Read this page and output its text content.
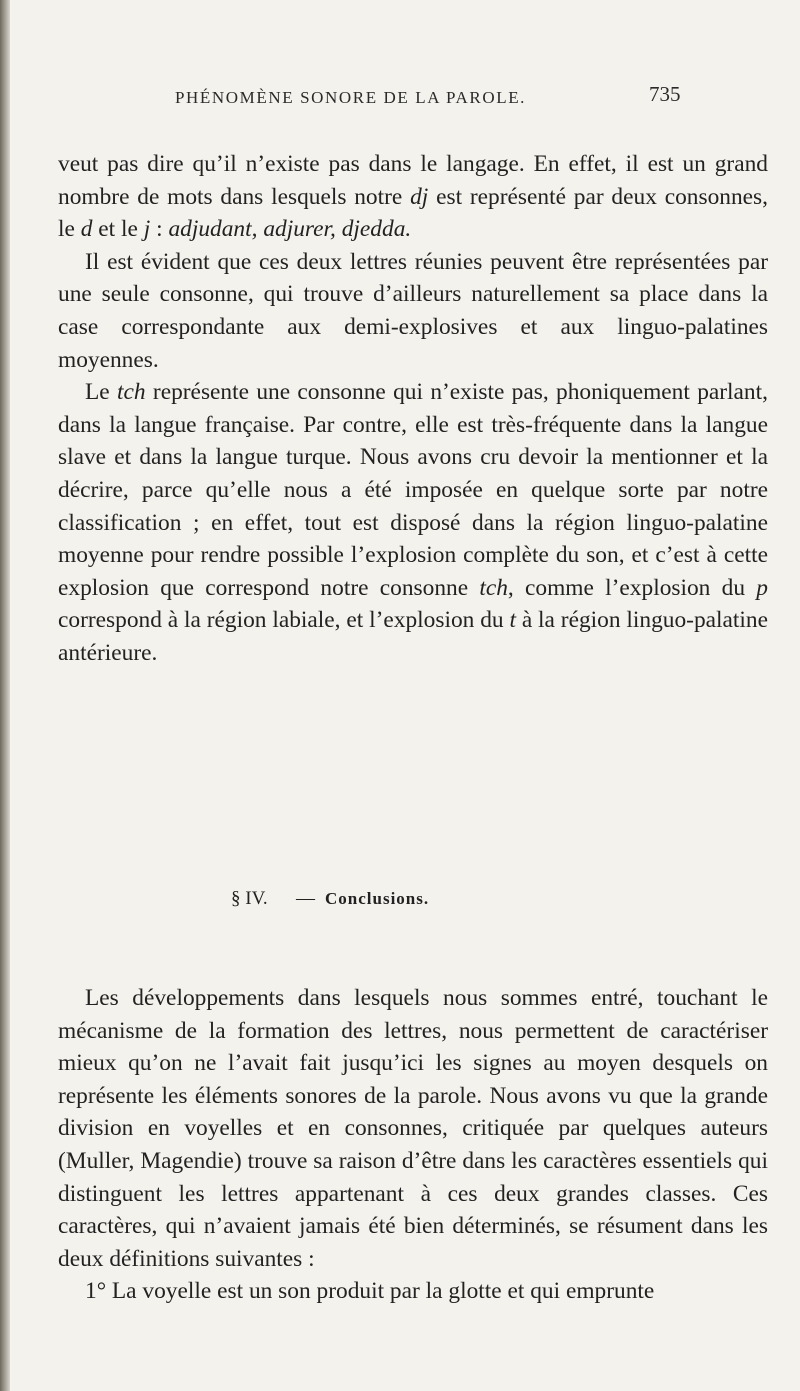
PHÉNOMÈNE SONORE DE LA PAROLE.	735

veut pas dire qu’il n’existe pas dans le langage. En effet, il est un grand nombre de mots dans lesquels notre dj est représenté par deux consonnes, le d et le j : adjudant, adjurer, djedda.

Il est évident que ces deux lettres réunies peuvent être représentées par une seule consonne, qui trouve d’ailleurs naturellement sa place dans la case correspondante aux demi-explosives et aux linguo-palatines moyennes.

Le tch représente une consonne qui n’existe pas, phoniquement parlant, dans la langue française. Par contre, elle est très-fréquente dans la langue slave et dans la langue turque. Nous avons cru devoir la mentionner et la décrire, parce qu’elle nous a été imposée en quelque sorte par notre classification ; en effet, tout est disposé dans la région linguo-palatine moyenne pour rendre possible l’explosion complète du son, et c’est à cette explosion que correspond notre consonne tch, comme l’explosion du p correspond à la région labiale, et l’explosion du t à la région linguo-palatine antérieure.

§ IV. — Conclusions.

Les développements dans lesquels nous sommes entré, touchant le mécanisme de la formation des lettres, nous permettent de caractériser mieux qu’on ne l’avait fait jusqu’ici les signes au moyen desquels on représente les éléments sonores de la parole. Nous avons vu que la grande division en voyelles et en consonnes, critiquée par quelques auteurs (Muller, Magendie) trouve sa raison d’être dans les caractères essentiels qui distinguent les lettres appartenant à ces deux grandes classes. Ces caractères, qui n’avaient jamais été bien déterminés, se résument dans les deux définitions suivantes :

1° La voyelle est un son produit par la glotte et qui emprunte
